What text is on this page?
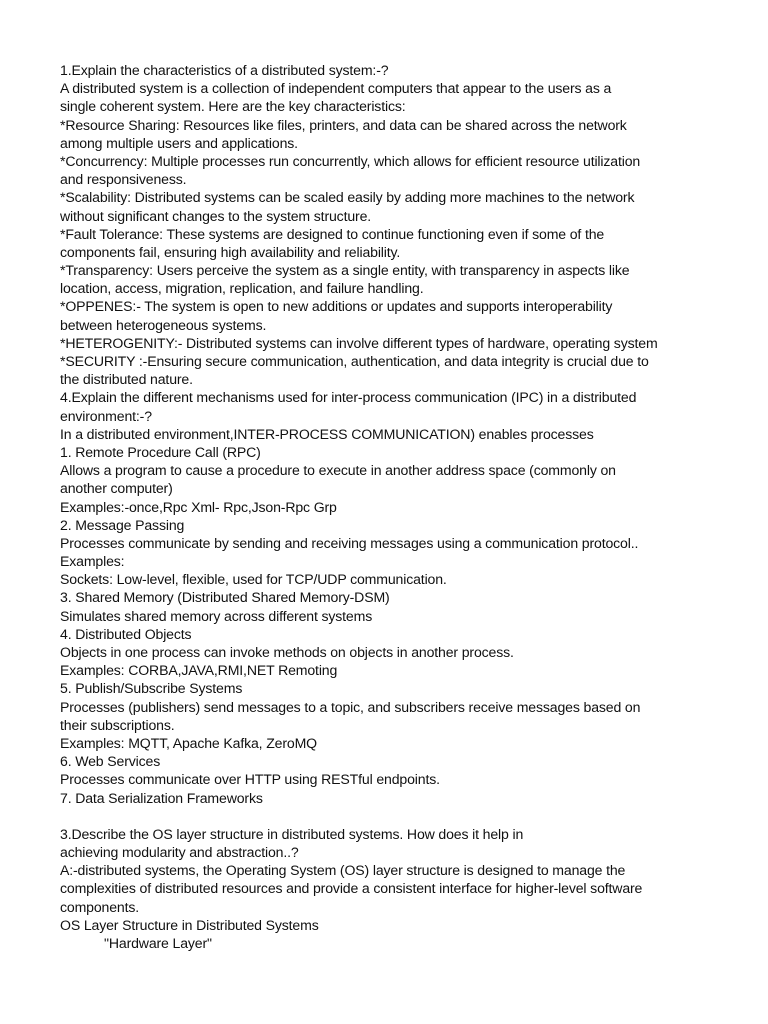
1.Explain the characteristics of a distributed system:-?
A distributed system is a collection of independent computers that appear to the users as a
single coherent system. Here are the key characteristics:
*Resource Sharing: Resources like files, printers, and data can be shared across the network
among multiple users and applications.
*Concurrency: Multiple processes run concurrently, which allows for efficient resource utilization
and responsiveness.
*Scalability: Distributed systems can be scaled easily by adding more machines to the network
without significant changes to the system structure.
*Fault Tolerance: These systems are designed to continue functioning even if some of the
components fail, ensuring high availability and reliability.
*Transparency: Users perceive the system as a single entity, with transparency in aspects like
location, access, migration, replication, and failure handling.
*OPPENES:- The system is open to new additions or updates and supports interoperability
between heterogeneous systems.
*HETEROGENITY:- Distributed systems can involve different types of hardware, operating system
*SECURITY :-Ensuring secure communication, authentication, and data integrity is crucial due to
the distributed nature.
4.Explain the different mechanisms used for inter-process communication (IPC) in a distributed
environment:-?
In a distributed environment,INTER-PROCESS COMMUNICATION) enables processes
1. Remote Procedure Call (RPC)
Allows a program to cause a procedure to execute in another address space (commonly on
another computer)
Examples:-once,Rpc Xml- Rpc,Json-Rpc Grp
2. Message Passing
Processes communicate by sending and receiving messages using a communication protocol..
Examples:
Sockets: Low-level, flexible, used for TCP/UDP communication.
3. Shared Memory (Distributed Shared Memory-DSM)
Simulates shared memory across different systems
4. Distributed Objects
Objects in one process can invoke methods on objects in another process.
Examples: CORBA,JAVA,RMI,NET Remoting
5. Publish/Subscribe Systems
Processes (publishers) send messages to a topic, and subscribers receive messages based on
their subscriptions.
Examples: MQTT, Apache Kafka, ZeroMQ
6. Web Services
Processes communicate over HTTP using RESTful endpoints.
7. Data Serialization Frameworks
3.Describe the OS layer structure in distributed systems. How does it help in
achieving modularity and abstraction..?
A:-distributed systems, the Operating System (OS) layer structure is designed to manage the
complexities of distributed resources and provide a consistent interface for higher-level software
components.
OS Layer Structure in Distributed Systems
"Hardware Layer"
